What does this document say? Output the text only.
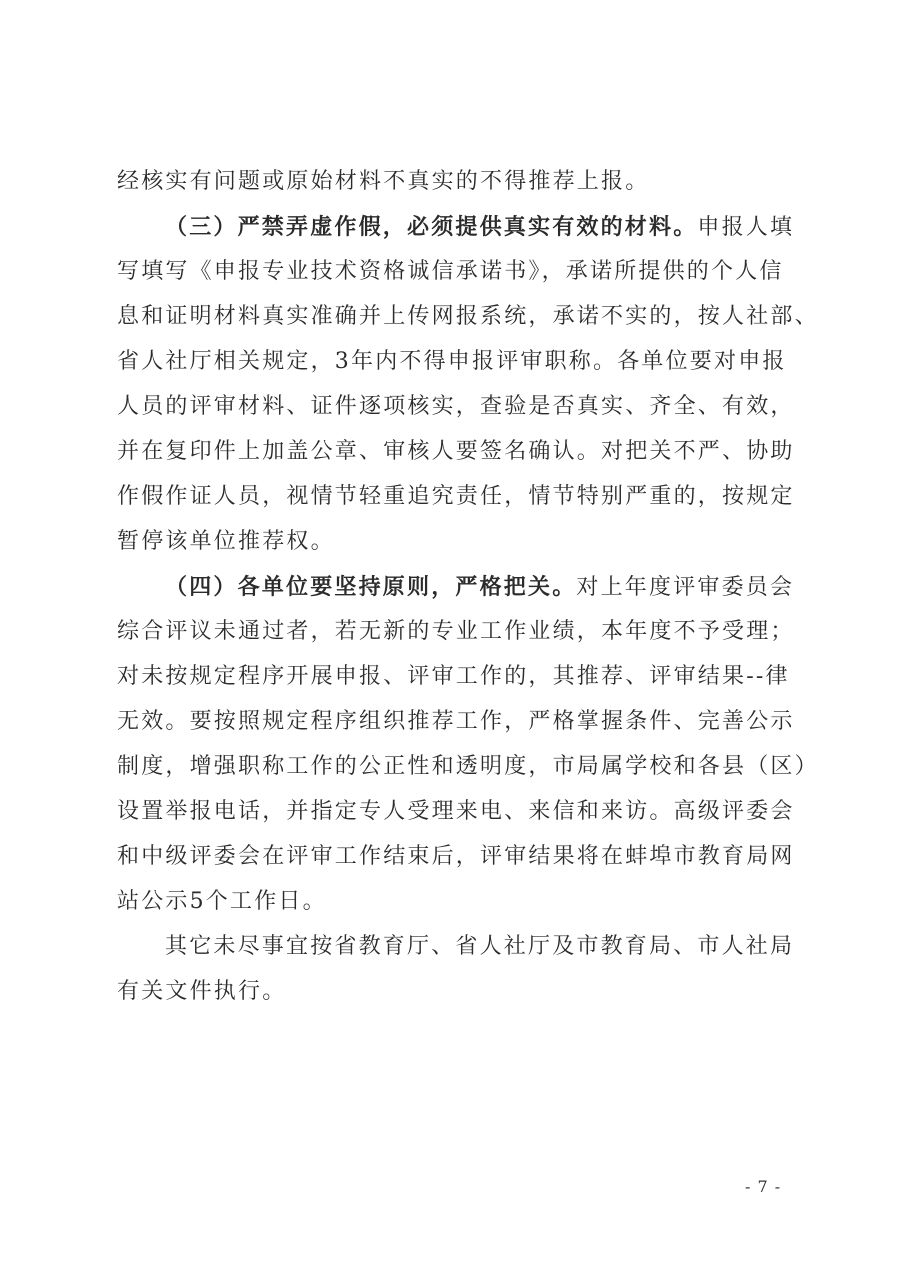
经核实有问题或原始材料不真实的不得推荐上报。
（三）严禁弄虚作假，必须提供真实有效的材料。申报人填
写填写《申报专业技术资格诚信承诺书》，承诺所提供的个人信
息和证明材料真实准确并上传网报系统，承诺不实的，按人社部、
省人社厅相关规定，3年内不得申报评审职称。各单位要对申报
人员的评审材料、证件逐项核实，查验是否真实、齐全、有效，
并在复印件上加盖公章、审核人要签名确认。对把关不严、协助
作假作证人员，视情节轻重追究责任，情节特别严重的，按规定
暂停该单位推荐权。
（四）各单位要坚持原则，严格把关。对上年度评审委员会
综合评议未通过者，若无新的专业工作业绩，本年度不予受理；
对未按规定程序开展申报、评审工作的，其推荐、评审结果--律
无效。要按照规定程序组织推荐工作，严格掌握条件、完善公示
制度，增强职称工作的公正性和透明度，市局属学校和各县（区）
设置举报电话，并指定专人受理来电、来信和来访。高级评委会
和中级评委会在评审工作结束后，评审结果将在蚌埠市教育局网
站公示5个工作日。
其它未尽事宜按省教育厅、省人社厅及市教育局、市人社局
有关文件执行。
- 7 -
